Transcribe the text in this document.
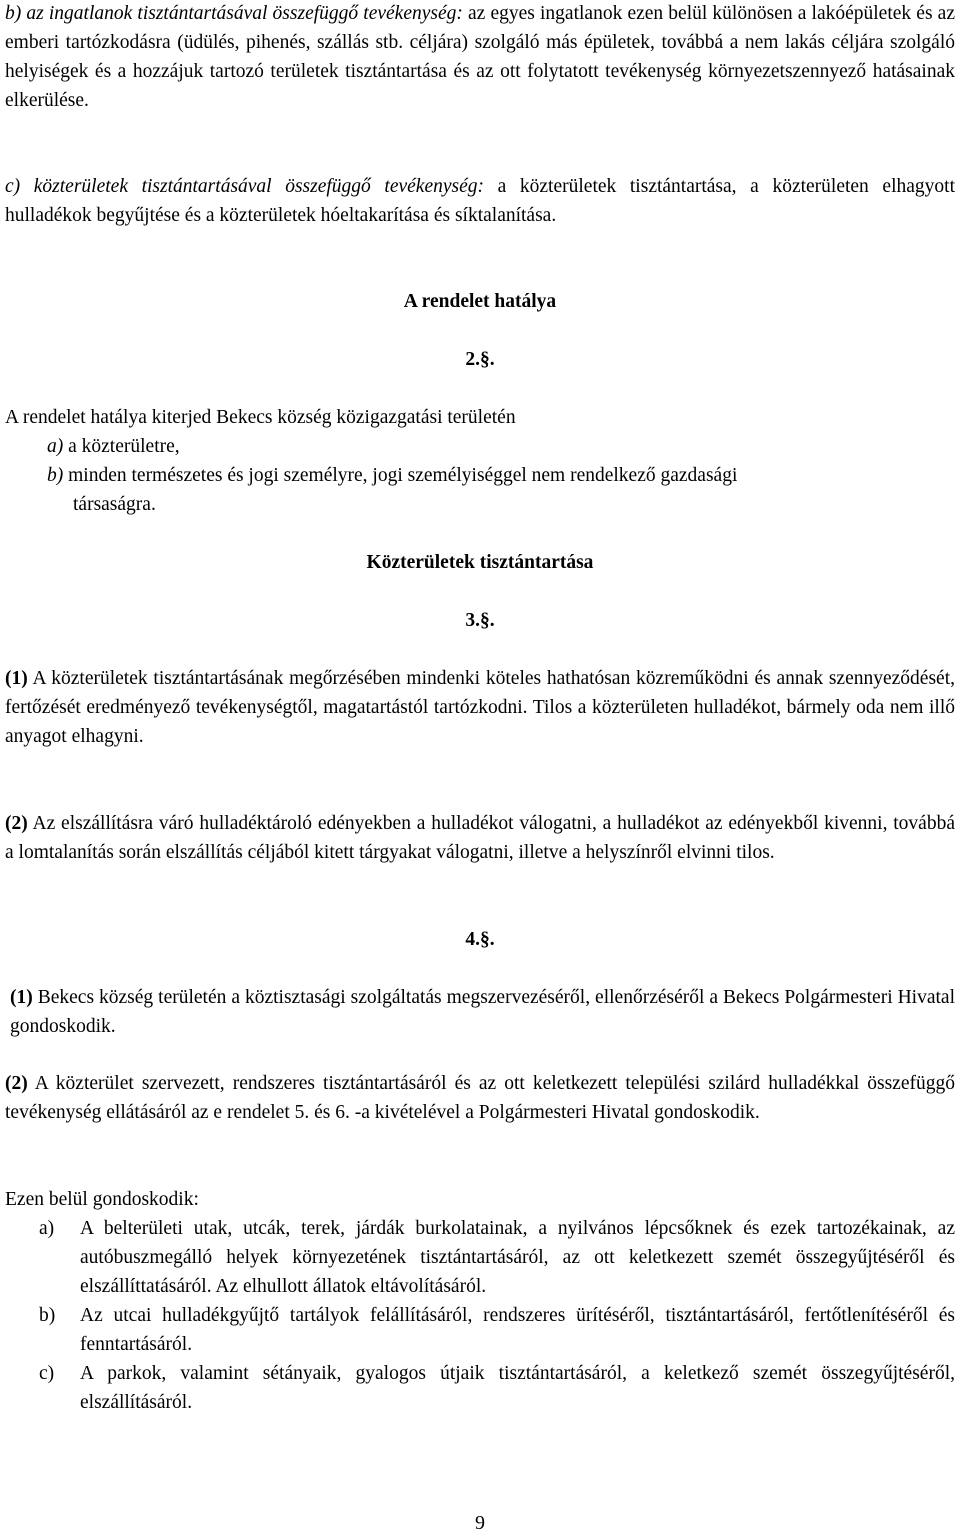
b) az ingatlanok tisztántartásával összefüggő tevékenység: az egyes ingatlanok ezen belül különösen a lakóépületek és az emberi tartózkodásra (üdülés, pihenés, szállás stb. céljára) szolgáló más épületek, továbbá a nem lakás céljára szolgáló helyiségek és a hozzájuk tartozó területek tisztántartása és az ott folytatott tevékenység környezetszennyező hatásainak elkerülése.

c) közterületek tisztántartásával összefüggő tevékenység: a közterületek tisztántartása, a közterületen elhagyott hulladékok begyűjtése és a közterületek hóeltakarítása és síktalanítása.

A rendelet hatálya

2.§.

A rendelet hatálya kiterjed Bekecs község közigazgatási területén

a) a közterületre,

b) minden természetes és jogi személyre, jogi személyiséggel nem rendelkező gazdasági

társaságra.

Közterületek tisztántartása

3.§.

(1) A közterületek tisztántartásának megőrzésében mindenki köteles hathatósan közreműködni és annak szennyeződését, fertőzését eredményező tevékenységtől, magatartástól tartózkodni. Tilos a közterületen hulladékot, bármely oda nem illő anyagot elhagyni.

(2) Az elszállításra váró hulladéktároló edényekben a hulladékot válogatni, a hulladékot az edényekből kivenni, továbbá a lomtalanítás során elszállítás céljából kitett tárgyakat válogatni, illetve a helyszínről elvinni tilos.

4.§.

(1) Bekecs község területén a köztisztasági szolgáltatás megszervezéséről, ellenőrzéséről a Bekecs Polgármesteri Hivatal gondoskodik.

(2) A közterület szervezett, rendszeres tisztántartásáról és az ott keletkezett települési szilárd hulladékkal összefüggő tevékenység ellátásáról az e rendelet 5. és 6. -a kivételével a Polgármesteri Hivatal gondoskodik.

Ezen belül gondoskodik:

a) A belterületi utak, utcák, terek, járdák burkolatainak, a nyilvános lépcsőknek és ezek tartozékainak, az autóbuszmegálló helyek környezetének tisztántartásáról, az ott keletkezett szemét összegyűjtéséről és elszállíttatásáról. Az elhullott állatok eltávolításáról.

b) Az utcai hulladékgyűjtő tartályok felállításáról, rendszeres ürítéséről, tisztántartásáról, fertőtlenítéséről és fenntartásáról.

c) A parkok, valamint sétányaik, gyalogos útjaik tisztántartásáról, a keletkező szemét összegyűjtéséről, elszállításáról.

9
